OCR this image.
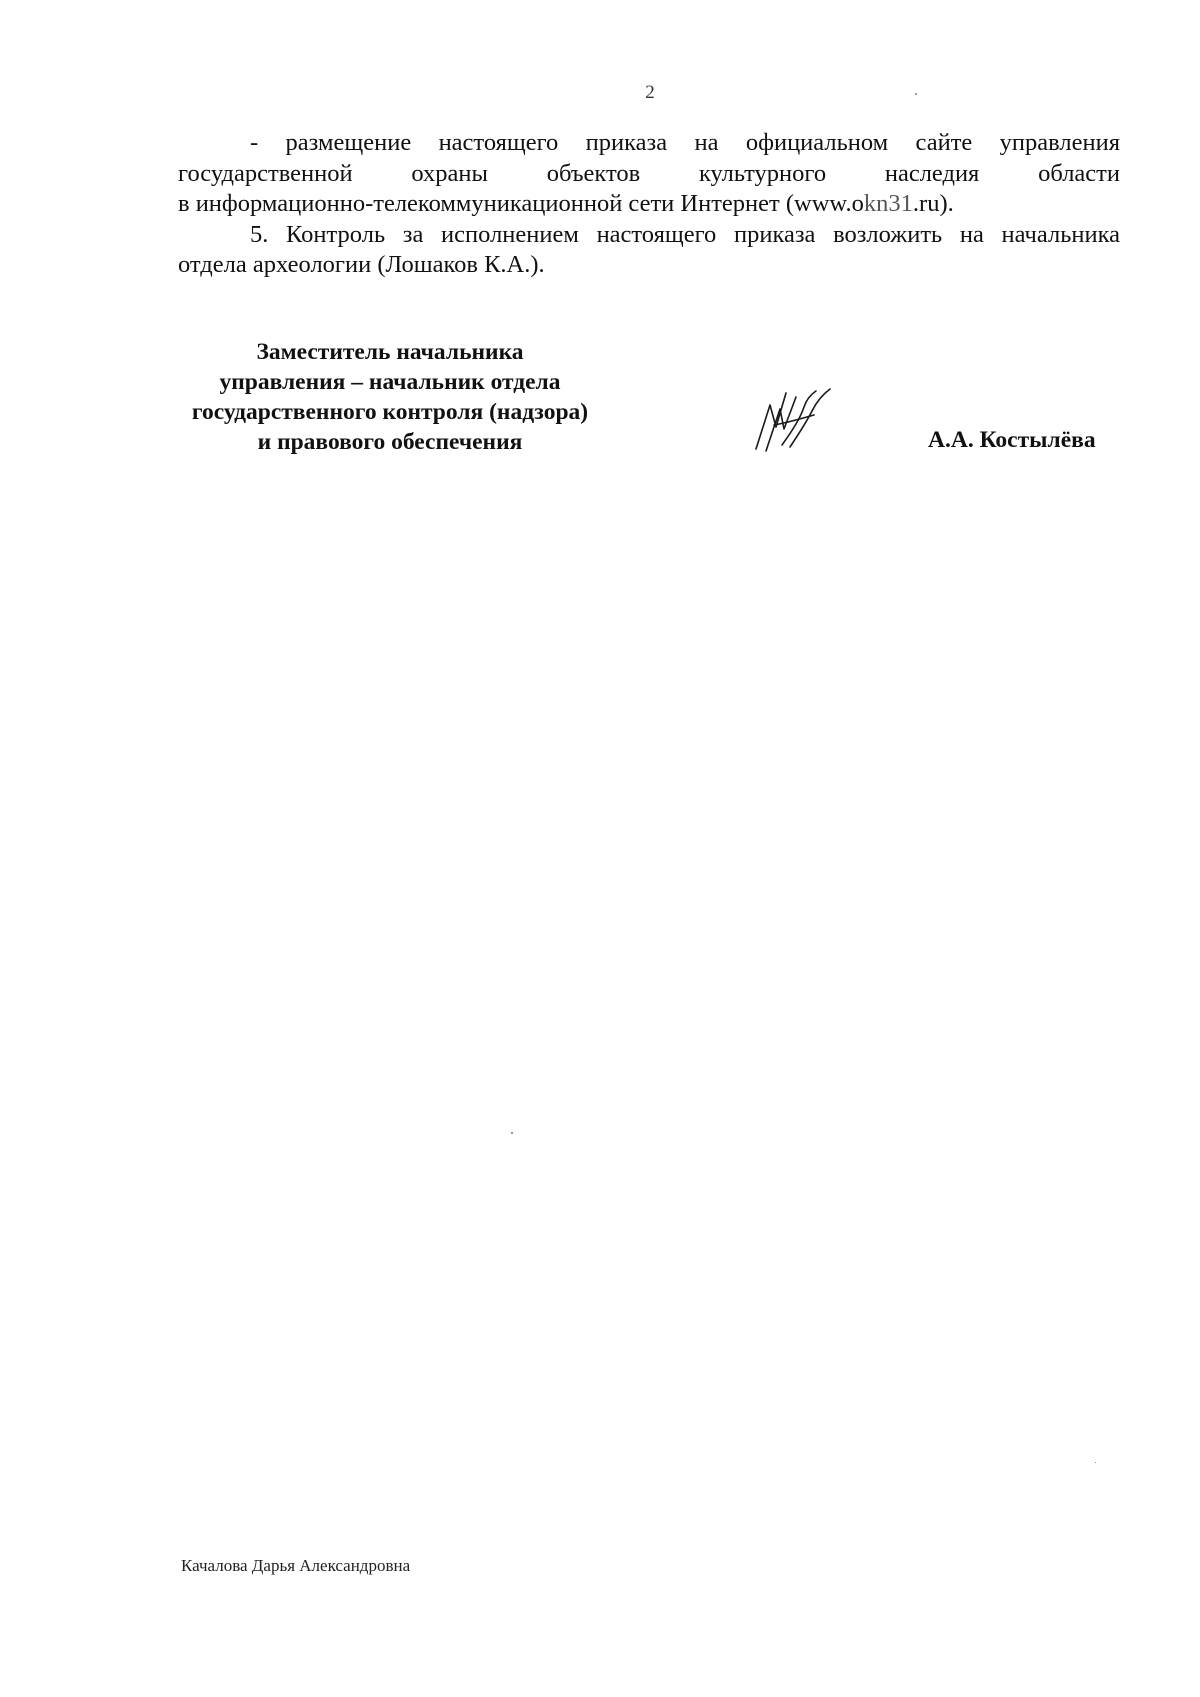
2

- размещение настоящего приказа на официальном сайте управления
государственной охраны объектов культурного наследия области
в информационно-телекоммуникационной сети Интернет (www.okn31.ru).

5. Контроль за исполнением настоящего приказа возложить на начальника
отдела археологии (Лошаков К.А.).

Заместитель начальника
управления – начальник отдела
государственного контроля (надзора)
и правового обеспечения	А.А. Костылёва
Качалова Дарья Александровна
